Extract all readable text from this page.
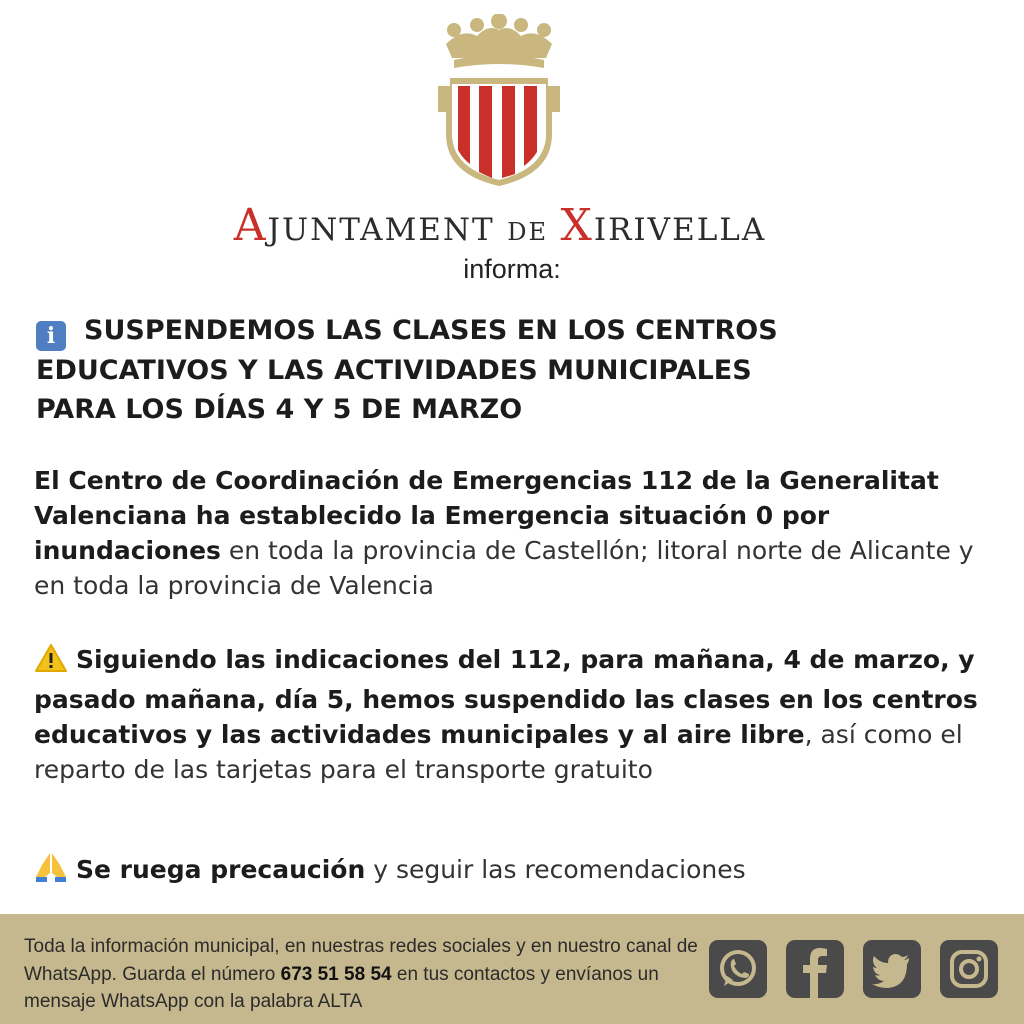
AJUNTAMENT DE XIRIVELLA
informa:
i SUSPENDEMOS LAS CLASES EN LOS CENTROS
EDUCATIVOS Y LAS ACTIVIDADES MUNICIPALES
PARA LOS DÍAS 4 Y 5 DE MARZO
El Centro de Coordinación de Emergencias 112 de la Generalitat Valenciana ha establecido la Emergencia situación 0 por inundaciones en toda la provincia de Castellón; litoral norte de Alicante y en toda la provincia de Valencia
Siguiendo las indicaciones del 112, para mañana, 4 de marzo, y pasado mañana, día 5, hemos suspendido las clases en los centros educativos y las actividades municipales y al aire libre, así como el reparto de las tarjetas para el transporte gratuito
Se ruega precaución y seguir las recomendaciones
Toda la información municipal, en nuestras redes sociales y en nuestro canal de WhatsApp. Guarda el número 673 51 58 54 en tus contactos y envíanos un mensaje WhatsApp con la palabra ALTA
